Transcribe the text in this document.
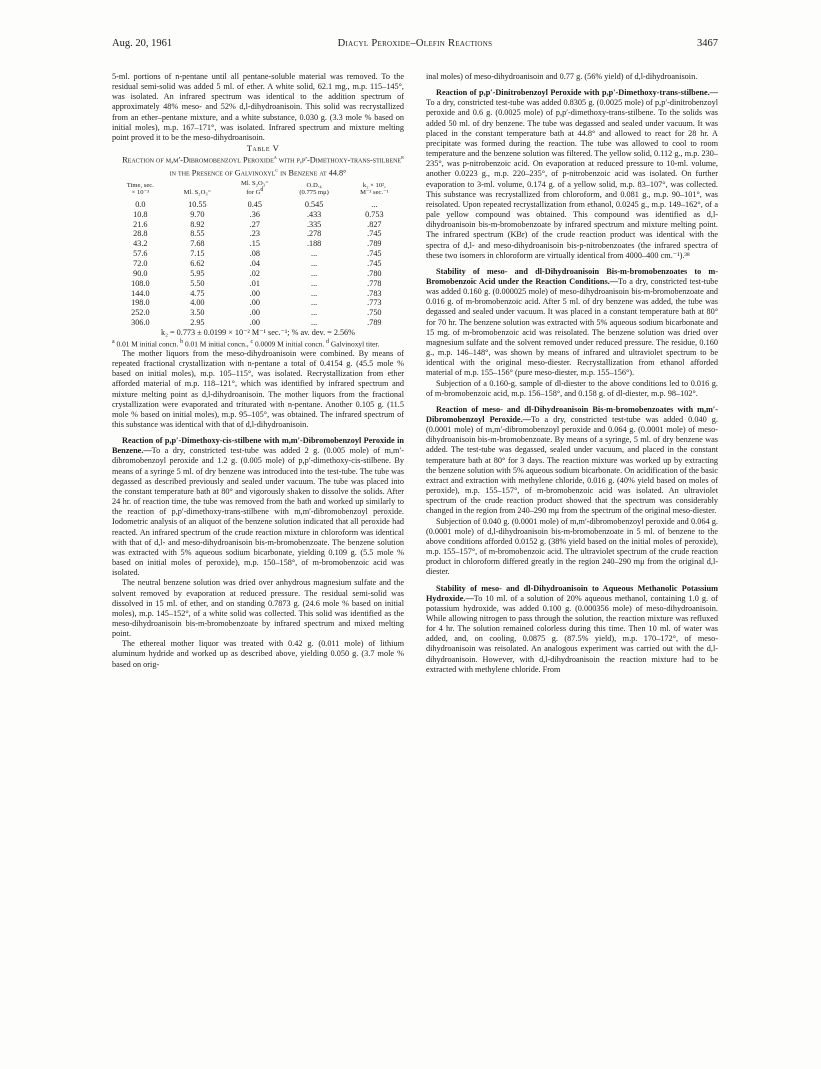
Aug. 20, 1961	Diacyl Peroxide–Olefin Reactions	3467

5-ml. portions of n-pentane until all pentane-soluble material was removed. To the residual semi-solid was added 5 ml. of ether. A white solid, 62.1 mg., m.p. 115–145°, was isolated. An infrared spectrum was identical to the addition spectrum of approximately 48% meso- and 52% d,l-dihydroanisoin. This solid was recrystallized from an ether–pentane mixture, and a white substance, 0.030 g. (3.3 mole % based on initial moles), m.p. 167–171°, was isolated. Infrared spectrum and mixture melting point proved it to be the meso-dihydroanisoin.

Table V

Reaction of m,m′-Dibromobenzoyl Peroxide$^a$ with p,p′-Dimethoxy-trans-stilbene$^b$ in the Presence of Galvinoxyl$^c$ in Benzene at 44.8°

Time, sec.
× 10⁻³	Ml. S₂O₃⁼	Ml. S₂O₃⁼
for $G^d$	O.D.₄
(0.775 mμ)	k₂ × 10²,
M⁻¹ sec.⁻¹
0.0	10.55	0.45	0.545	...
10.8	9.70	.36	.433	0.753
21.6	8.92	.27	.335	.827
28.8	8.55	.23	.278	.745
43.2	7.68	.15	.188	.789
57.6	7.15	.08	...	.745
72.0	6.62	.04	...	.745
90.0	5.95	.02	...	.780
108.0	5.50	.01	...	.778
144.0	4.75	.00	...	.783
198.0	4.00	.00	...	.773
252.0	3.50	.00	...	.750
306.0	2.95	.00	...	.789

k₂ = 0.773 ± 0.0199 × 10⁻² M⁻¹ sec.⁻¹; % av. dev. = 2.56%

$^a$ 0.01 M initial concn. $^b$ 0.01 M initial concn., $^c$ 0.0009 M initial concn. $^d$ Galvinoxyl titer.

The mother liquors from the meso-dihydroanisoin were combined. By means of repeated fractional crystallization with n-pentane a total of 0.4154 g. (45.5 mole % based on initial moles), m.p. 105–115°, was isolated. Recrystallization from ether afforded material of m.p. 118–121°, which was identified by infrared spectrum and mixture melting point as d,l-dihydroanisoin. The mother liquors from the fractional crystallization were evaporated and triturated with n-pentane. Another 0.105 g. (11.5 mole % based on initial moles), m.p. 95–105°, was obtained. The infrared spectrum of this substance was identical with that of d,l-dihydroanisoin.

Reaction of p,p′-Dimethoxy-cis-stilbene with m,m′-Dibromobenzoyl Peroxide in Benzene.—To a dry, constricted test-tube was added 2 g. (0.005 mole) of m,m′-dibromobenzoyl peroxide and 1.2 g. (0.005 mole) of p,p′-dimethoxy-cis-stilbene. By means of a syringe 5 ml. of dry benzene was introduced into the test-tube. The tube was degassed as described previously and sealed under vacuum. The tube was placed into the constant temperature bath at 80° and vigorously shaken to dissolve the solids. After 24 hr. of reaction time, the tube was removed from the bath and worked up similarly to the reaction of p,p′-dimethoxy-trans-stilbene with m,m′-dibromobenzoyl peroxide. Iodometric analysis of an aliquot of the benzene solution indicated that all peroxide had reacted. An infrared spectrum of the crude reaction mixture in chloroform was identical with that of d,l- and meso-dihydroanisoin bis-m-bromobenzoate. The benzene solution was extracted with 5% aqueous sodium bicarbonate, yielding 0.109 g. (5.5 mole % based on initial moles of peroxide), m.p. 150–158°, of m-bromobenzoic acid was isolated.

The neutral benzene solution was dried over anhydrous magnesium sulfate and the solvent removed by evaporation at reduced pressure. The residual semi-solid was dissolved in 15 ml. of ether, and on standing 0.7873 g. (24.6 mole % based on initial moles), m.p. 145–152°, of a white solid was collected. This solid was identified as the meso-dihydroanisoin bis-m-bromobenzoate by infrared spectrum and mixed melting point.

The ethereal mother liquor was treated with 0.42 g. (0.011 mole) of lithium aluminum hydride and worked up as described above, yielding 0.050 g. (3.7 mole % based on orig-

inal moles) of meso-dihydroanisoin and 0.77 g. (56% yield) of d,l-dihydroanisoin.

Reaction of p,p′-Dinitrobenzoyl Peroxide with p,p′-Dimethoxy-trans-stilbene.—To a dry, constricted test-tube was added 0.8305 g. (0.0025 mole) of p,p′-dinitrobenzoyl peroxide and 0.6 g. (0.0025 mole) of p,p′-dimethoxy-trans-stilbene. To the solids was added 50 ml. of dry benzene. The tube was degassed and sealed under vacuum. It was placed in the constant temperature bath at 44.8° and allowed to react for 28 hr. A precipitate was formed during the reaction. The tube was allowed to cool to room temperature and the benzene solution was filtered. The yellow solid, 0.112 g., m.p. 230–235°, was p-nitrobenzoic acid. On evaporation at reduced pressure to 10-ml. volume, another 0.0223 g., m.p. 220–235°, of p-nitrobenzoic acid was isolated. On further evaporation to 3-ml. volume, 0.174 g. of a yellow solid, m.p. 83–107°, was collected. This substance was recrystallized from chloroform, and 0.081 g., m.p. 90–101°, was reisolated. Upon repeated recrystallization from ethanol, 0.0245 g., m.p. 149–162°, of a pale yellow compound was obtained. This compound was identified as d,l-dihydroanisoin bis-m-bromobenzoate by infrared spectrum and mixture melting point. The infrared spectrum (KBr) of the crude reaction product was identical with the spectra of d,l- and meso-dihydroanisoin bis-p-nitrobenzoates (the infrared spectra of these two isomers in chloroform are virtually identical from 4000–400 cm.⁻¹).³⁸

Stability of meso- and dl-Dihydroanisoin Bis-m-bromobenzoates to m-Bromobenzoic Acid under the Reaction Conditions.—To a dry, constricted test-tube was added 0.160 g. (0.000025 mole) of meso-dihydroanisoin bis-m-bromobenzoate and 0.016 g. of m-bromobenzoic acid. After 5 ml. of dry benzene was added, the tube was degassed and sealed under vacuum. It was placed in a constant temperature bath at 80° for 70 hr. The benzene solution was extracted with 5% aqueous sodium bicarbonate and 15 mg. of m-bromobenzoic acid was reisolated. The benzene solution was dried over magnesium sulfate and the solvent removed under reduced pressure. The residue, 0.160 g., m.p. 146–148°, was shown by means of infrared and ultraviolet spectrum to be identical with the original meso-diester. Recrystallization from ethanol afforded material of m.p. 155–156° (pure meso-diester, m.p. 155–156°).

Subjection of a 0.160-g. sample of dl-diester to the above conditions led to 0.016 g. of m-bromobenzoic acid, m.p. 156–158°, and 0.158 g. of dl-diester, m.p. 98–102°.

Reaction of meso- and dl-Dihydroanisoin Bis-m-bromobenzoates with m,m′-Dibromobenzoyl Peroxide.—To a dry, constricted test-tube was added 0.040 g. (0.0001 mole) of m,m′-dibromobenzoyl peroxide and 0.064 g. (0.0001 mole) of meso-dihydroanisoin bis-m-bromobenzoate. By means of a syringe, 5 ml. of dry benzene was added. The test-tube was degassed, sealed under vacuum, and placed in the constant temperature bath at 80° for 3 days. The reaction mixture was worked up by extracting the benzene solution with 5% aqueous sodium bicarbonate. On acidification of the basic extract and extraction with methylene chloride, 0.016 g. (40% yield based on moles of peroxide), m.p. 155–157°, of m-bromobenzoic acid was isolated. An ultraviolet spectrum of the crude reaction product showed that the spectrum was considerably changed in the region from 240–290 mμ from the spectrum of the original meso-diester.

Subjection of 0.040 g. (0.0001 mole) of m,m′-dibromobenzoyl peroxide and 0.064 g. (0.0001 mole) of d,l-dihydroanisoin bis-m-bromobenzoate in 5 ml. of benzene to the above conditions afforded 0.0152 g. (38% yield based on the initial moles of peroxide), m.p. 155–157°, of m-bromobenzoic acid. The ultraviolet spectrum of the crude reaction product in chloroform differed greatly in the region 240–290 mμ from the original d,l-diester.

Stability of meso- and dl-Dihydroanisoin to Aqueous Methanolic Potassium Hydroxide.—To 10 ml. of a solution of 20% aqueous methanol, containing 1.0 g. of potassium hydroxide, was added 0.100 g. (0.000356 mole) of meso-dihydroanisoin. While allowing nitrogen to pass through the solution, the reaction mixture was refluxed for 4 hr. The solution remained colorless during this time. Then 10 ml. of water was added, and, on cooling, 0.0875 g. (87.5% yield), m.p. 170–172°, of meso-dihydroanisoin was reisolated. An analogous experiment was carried out with the d,l-dihydroanisoin. However, with d,l-dihydroanisoin the reaction mixture had to be extracted with methylene chloride. From
